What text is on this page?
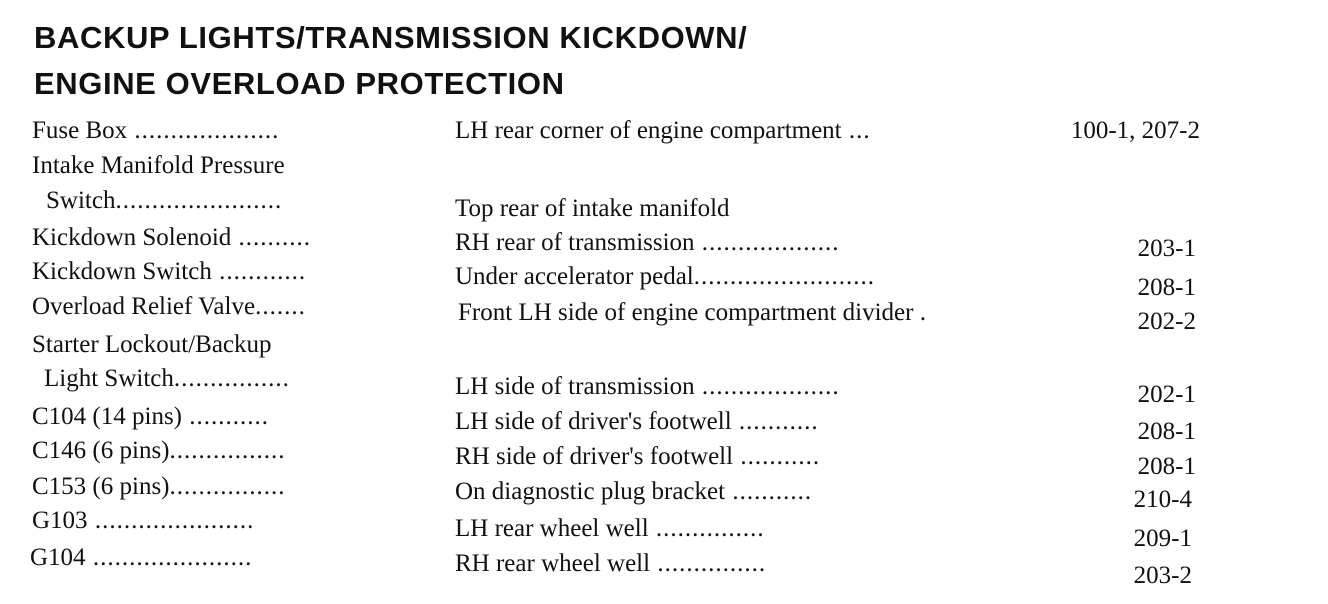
BACKUP LIGHTS/TRANSMISSION KICKDOWN/
ENGINE OVERLOAD PROTECTION
Fuse Box ....................	LH rear corner of engine compartment ...	100-1, 207-2
Intake Manifold Pressure
Switch.......................	Top rear of intake manifold
Kickdown Solenoid ..........	RH rear of transmission ...................	203-1
Kickdown Switch ............	Under accelerator pedal.........................	208-1
Overload Relief Valve.......	Front LH side of engine compartment divider .	202-2
Starter Lockout/Backup
Light Switch................	LH side of transmission ...................	202-1
C104 (14 pins) ...........	LH side of driver's footwell ...........	208-1
C146 (6 pins)................	RH side of driver's footwell ...........	208-1
C153 (6 pins)................	On diagnostic plug bracket ...........	210-4
G103 ......................	LH rear wheel well ...............	209-1
G104 ......................	RH rear wheel well ...............	203-2
